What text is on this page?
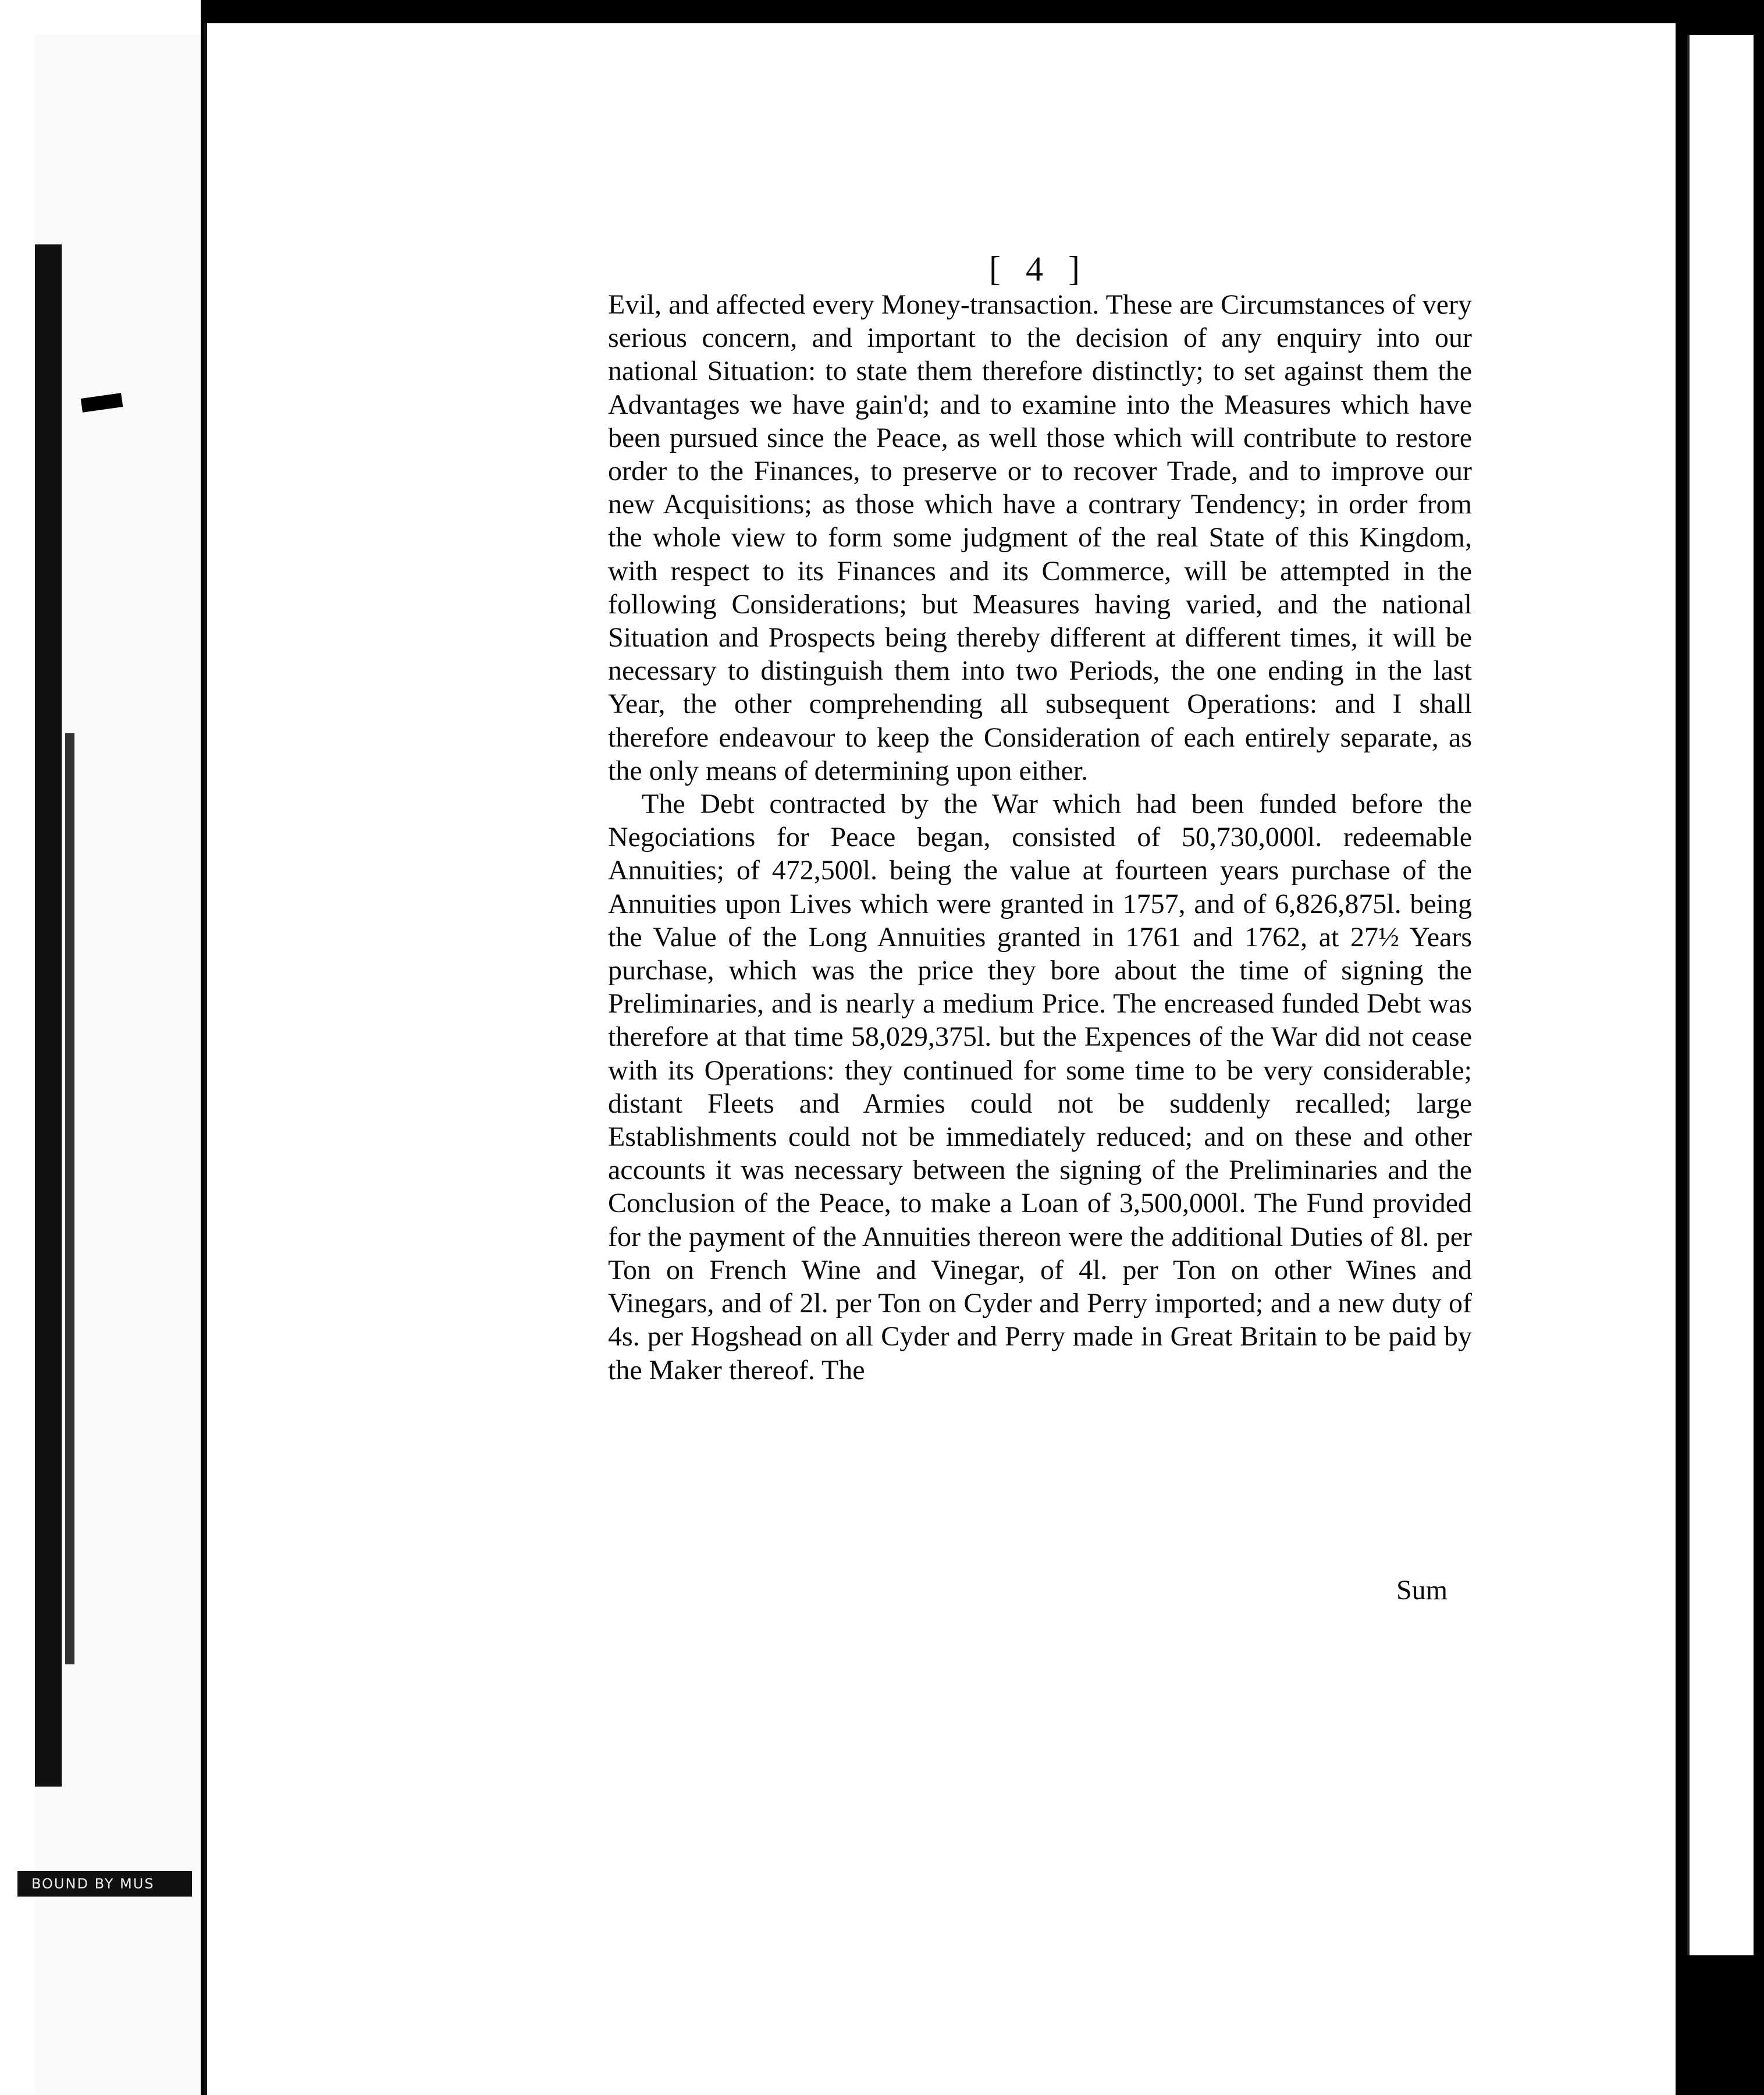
BOUND BY MUS
[ 4 ]

Evil, and affected every Money-transaction. These are Circumstances of very serious concern, and important to the decision of any enquiry into our national Situation: to state them therefore distinctly; to set against them the Advantages we have gain'd; and to examine into the Measures which have been pursued since the Peace, as well those which will contribute to restore order to the Finances, to preserve or to recover Trade, and to improve our new Acquisitions; as those which have a contrary Tendency; in order from the whole view to form some judgment of the real State of this Kingdom, with respect to its Finances and its Commerce, will be attempted in the following Considerations; but Measures having varied, and the national Situation and Prospects being thereby different at different times, it will be necessary to distinguish them into two Periods, the one ending in the last Year, the other comprehending all subsequent Operations: and I shall therefore endeavour to keep the Consideration of each entirely separate, as the only means of determining upon either.

The Debt contracted by the War which had been funded before the Negociations for Peace began, consisted of 50,730,000l. redeemable Annuities; of 472,500l. being the value at fourteen years purchase of the Annuities upon Lives which were granted in 1757, and of 6,826,875l. being the Value of the Long Annuities granted in 1761 and 1762, at 27½ Years purchase, which was the price they bore about the time of signing the Preliminaries, and is nearly a medium Price. The encreased funded Debt was therefore at that time 58,029,375l. but the Expences of the War did not cease with its Operations: they continued for some time to be very considerable; distant Fleets and Armies could not be suddenly recalled; large Establishments could not be immediately reduced; and on these and other accounts it was necessary between the signing of the Preliminaries and the Conclusion of the Peace, to make a Loan of 3,500,000l. The Fund provided for the payment of the Annuities thereon were the additional Duties of 8l. per Ton on French Wine and Vinegar, of 4l. per Ton on other Wines and Vinegars, and of 2l. per Ton on Cyder and Perry imported; and a new duty of 4s. per Hogshead on all Cyder and Perry made in Great Britain to be paid by the Maker thereof. The

Sum
